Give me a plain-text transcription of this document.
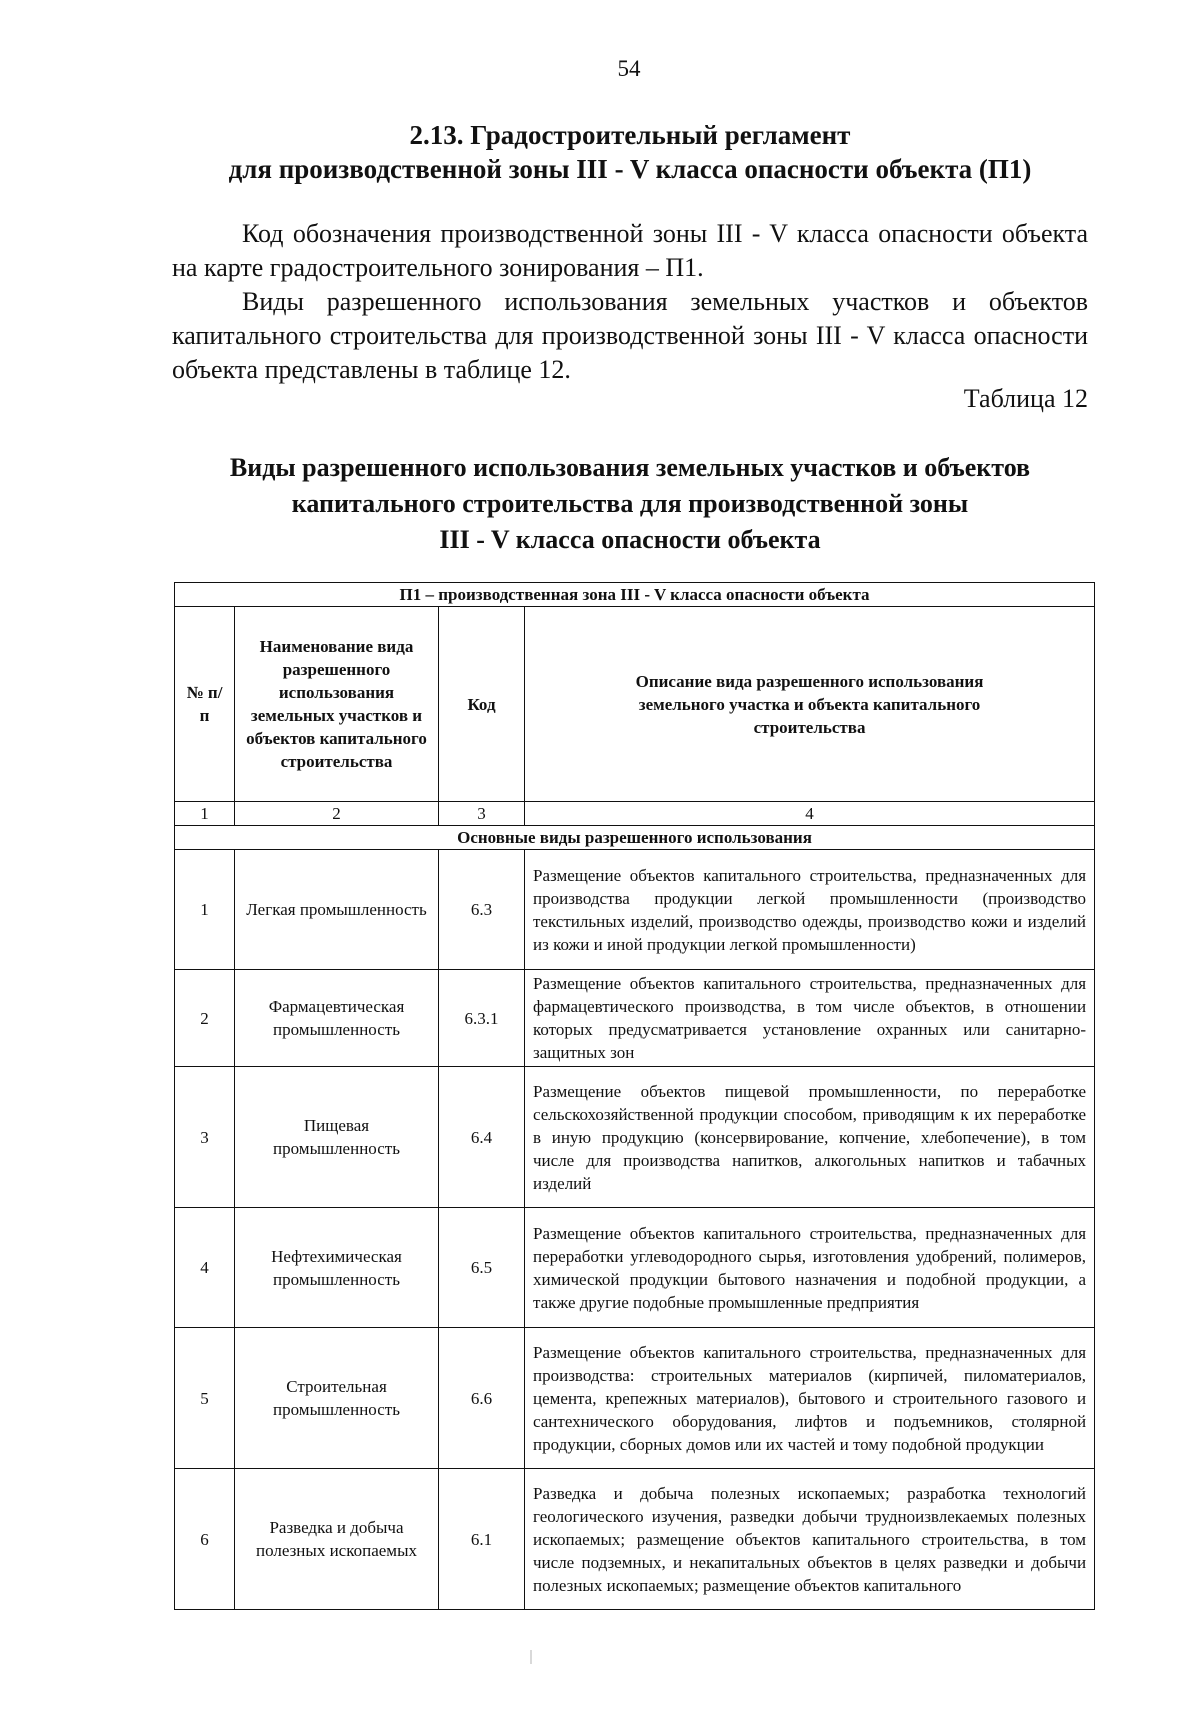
54
2.13. Градостроительный регламент
для производственной зоны III - V класса опасности объекта (П1)
Код обозначения производственной зоны III - V класса опасности объекта на карте градостроительного зонирования – П1.
Виды разрешенного использования земельных участков и объектов капитального строительства для производственной зоны III - V класса опасности объекта представлены в таблице 12.
Таблица 12
Виды разрешенного использования земельных участков и объектов
капитального строительства для производственной зоны
III - V класса опасности объекта
П1 – производственная зона III - V класса опасности объекта			
№ п/п	Наименование вида разрешенного использования земельных участков и объектов капитального строительства	Код	Описание вида разрешенного использования земельного участка и объекта капитального строительства
1	2	3	4
Основные виды разрешенного использования			
1	Легкая промышленность	6.3	Размещение объектов капитального строительства, предназначенных для производства продукции легкой промышленности (производство текстильных изделий, производство одежды, производство кожи и изделий из кожи и иной продукции легкой промышленности)
2	Фармацевтическая промышленность	6.3.1	Размещение объектов капитального строительства, предназначенных для фармацевтического производства, в том числе объектов, в отношении которых предусматривается установление охранных или санитарно-защитных зон
3	Пищевая промышленность	6.4	Размещение объектов пищевой промышленности, по переработке сельскохозяйственной продукции способом, приводящим к их переработке в иную продукцию (консервирование, копчение, хлебопечение), в том числе для производства напитков, алкогольных напитков и табачных изделий
4	Нефтехимическая промышленность	6.5	Размещение объектов капитального строительства, предназначенных для переработки углеводородного сырья, изготовления удобрений, полимеров, химической продукции бытового назначения и подобной продукции, а также другие подобные промышленные предприятия
5	Строительная промышленность	6.6	Размещение объектов капитального строительства, предназначенных для производства: строительных материалов (кирпичей, пиломатериалов, цемента, крепежных материалов), бытового и строительного газового и сантехнического оборудования, лифтов и подъемников, столярной продукции, сборных домов или их частей и тому подобной продукции
6	Разведка и добыча полезных ископаемых	6.1	Разведка и добыча полезных ископаемых; разработка технологий геологического изучения, разведки добычи трудноизвлекаемых полезных ископаемых; размещение объектов капитального строительства, в том числе подземных, и некапитальных объектов в целях разведки и добычи полезных ископаемых; размещение объектов капитального
